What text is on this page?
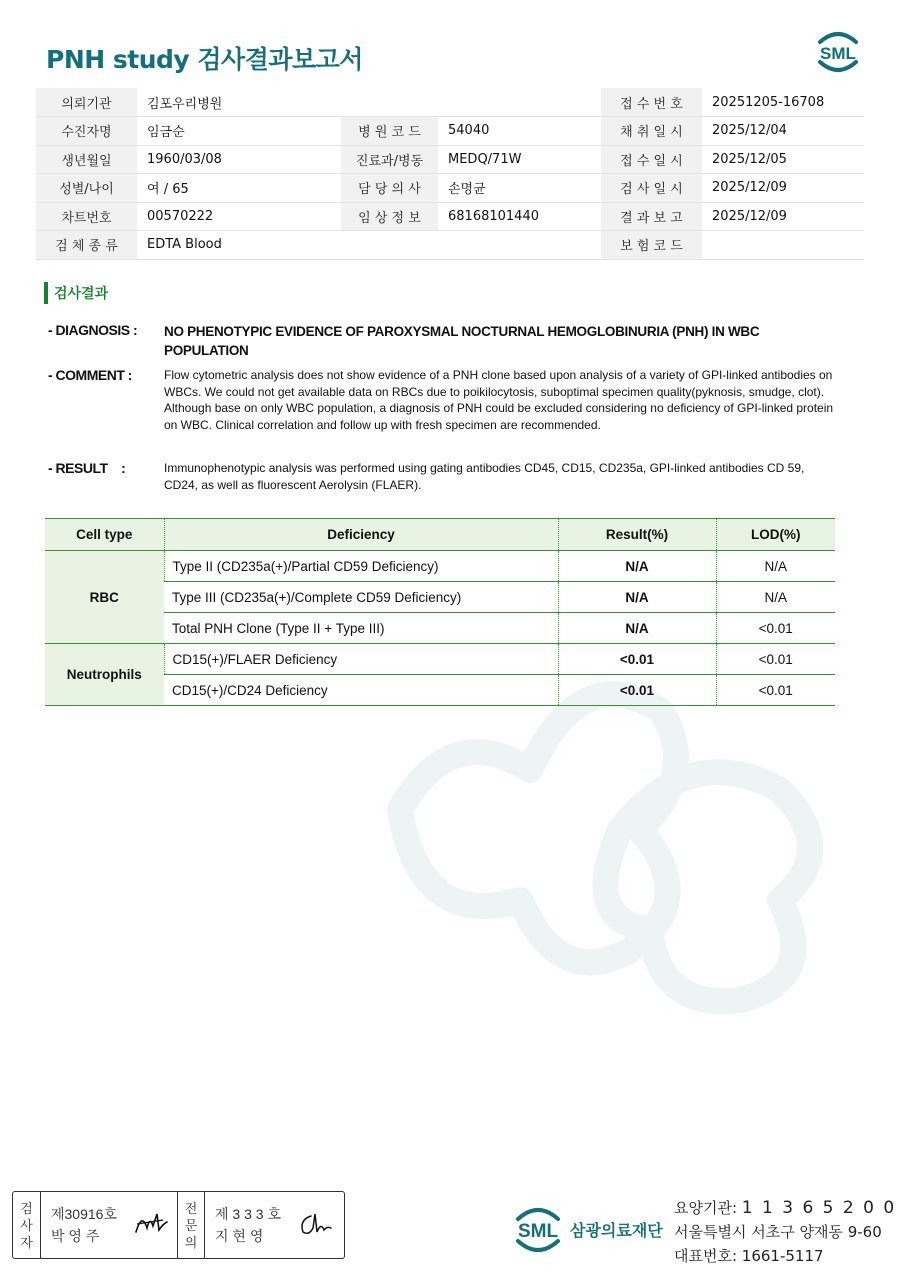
PNH study 검사결과보고서	SML
의뢰기관	김포우리병원			접 수 번 호	20251205-16708
수진자명	임금순	병 원 코 드	54040	채 취 일 시	2025/12/04
생년월일	1960/03/08	진료과/병동	MEDQ/71W	접 수 일 시	2025/12/05
성별/나이	여 / 65	담 당 의 사	손명균	검 사 일 시	2025/12/09
차트번호	00570222	임 상 정 보	68168101440	결 과 보 고	2025/12/09
검 체 종 류	EDTA Blood			보 험 코 드	
검사결과
- DIAGNOSIS :	NO PHENOTYPIC EVIDENCE OF PAROXYSMAL NOCTURNAL HEMOGLOBINURIA (PNH) IN WBC POPULATION
- COMMENT :	Flow cytometric analysis does not show evidence of a PNH clone based upon analysis of a variety of GPI-linked antibodies on WBCs. We could not get available data on RBCs due to poikilocytosis, suboptimal specimen quality(pyknosis, smudge, clot). Although base on only WBC population, a diagnosis of PNH could be excluded considering no deficiency of GPI-linked protein on WBC. Clinical correlation and follow up with fresh specimen are recommended.
- RESULT    :	Immunophenotypic analysis was performed using gating antibodies CD45, CD15, CD235a, GPI-linked antibodies CD 59, CD24, as well as fluorescent Aerolysin (FLAER).
Cell type	Deficiency	Result(%)	LOD(%)
RBC	Type II (CD235a(+)/Partial CD59 Deficiency)	N/A	N/A
	Type III (CD235a(+)/Complete CD59 Deficiency)	N/A	N/A
	Total PNH Clone (Type II + Type III)	N/A	<0.01
Neutrophils	CD15(+)/FLAER Deficiency	<0.01	<0.01
	CD15(+)/CD24 Deficiency	<0.01	<0.01
검
사
자
제30916호
박 영 주
전
문
의
제 3 3 3 호
지 현 영	SML 삼광의료재단
요양기관: 1 1 3 6 5 2 0 0
서울특별시 서초구 양재동 9-60
대표번호: 1661-5117
